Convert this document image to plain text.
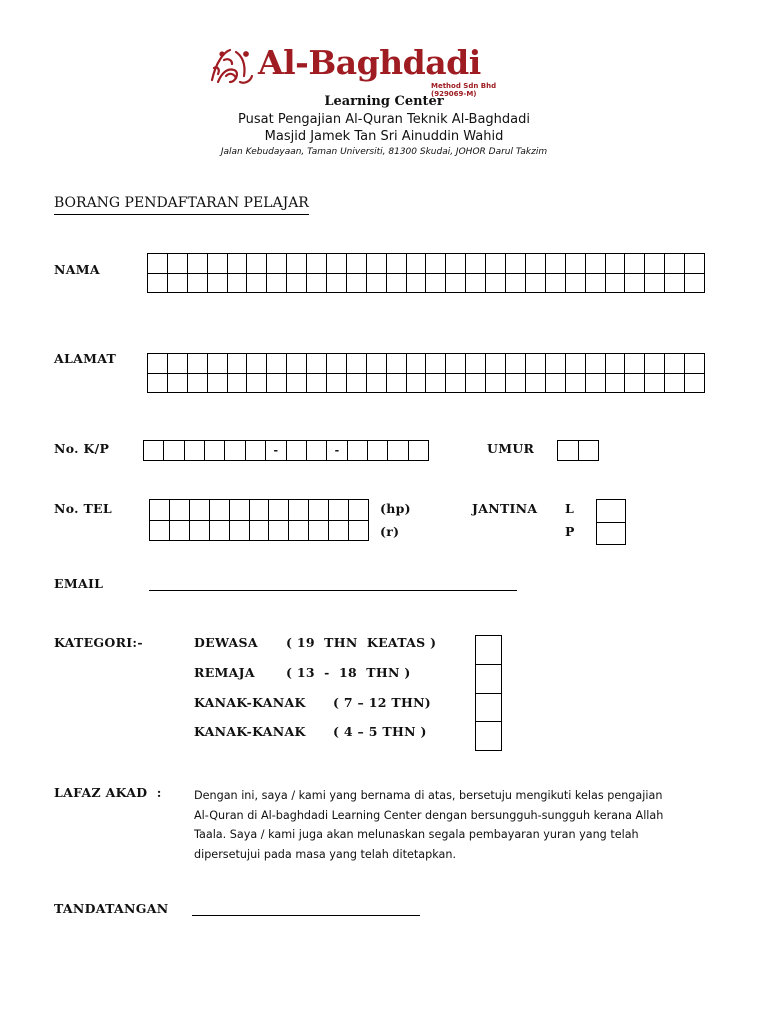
Al-Baghdadi
Method Sdn Bhd (929069-M)
Learning Center
Pusat Pengajian Al-Quran Teknik Al-Baghdadi
Masjid Jamek Tan Sri Ainuddin Wahid
Jalan Kebudayaan, Taman Universiti, 81300 Skudai, JOHOR Darul Takzim
BORANG PENDAFTARAN PELAJAR
NAMA
ALAMAT
No. K/P	-	-	UMUR
No. TEL	(hp)
(r)
JANTINA L
P
EMAIL
KATEGORI:-	DEWASA ( 19  THN  KEATAS )
REMAJA ( 13  -  18  THN )
KANAK-KANAK ( 7 – 12 THN)
KANAK-KANAK ( 4 – 5 THN )
LAFAZ AKAD  :	Dengan ini, saya / kami yang bernama di atas, bersetuju mengikuti kelas pengajian
Al-Quran di Al-baghdadi Learning Center dengan bersungguh-sungguh kerana Allah
Taala. Saya / kami juga akan melunaskan segala pembayaran yuran yang telah
dipersetujui pada masa yang telah ditetapkan.
TANDATANGAN
